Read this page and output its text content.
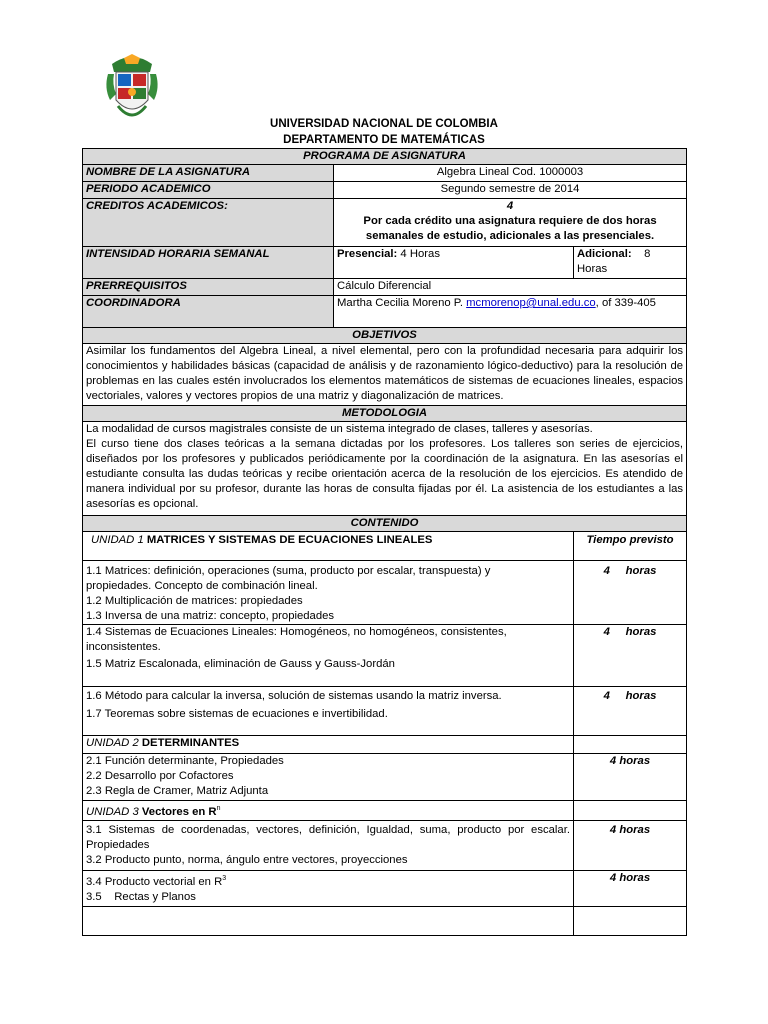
UNIVERSIDAD NACIONAL DE COLOMBIA
DEPARTAMENTO DE MATEMÁTICAS
PROGRAMA DE ASIGNATURA		
NOMBRE DE LA ASIGNATURA	Algebra Lineal Cod. 1000003	
PERIODO ACADEMICO	Segundo semestre de 2014	
CREDITOS ACADEMICOS:	4
Por cada crédito una asignatura requiere de dos horas semanales de estudio, adicionales a las presenciales.	

INTENSIDAD HORARIA SEMANAL	Presencial: 4 Horas	Adicional: 8
Horas
PRERREQUISITOS	Cálculo Diferencial	
COORDINADORA	Martha Cecilia Moreno P. mcmorenop@unal.edu.co, of 339-405	
OBJETIVOS		
Asimilar los fundamentos del Algebra Lineal, a nivel elemental, pero con la profundidad necesaria para adquirir los conocimientos y habilidades básicas (capacidad de análisis y de razonamiento lógico-deductivo) para la resolución de problemas en las cuales estén involucrados los elementos matemáticos de sistemas de ecuaciones lineales, espacios vectoriales, valores y vectores propios de una matriz y diagonalización de matrices.		
METODOLOGIA		

La modalidad de cursos magistrales consiste de un sistema integrado de clases, talleres y asesorías.
El curso tiene dos clases teóricas a la semana dictadas por los profesores. Los talleres son series de ejercicios, diseñados por los profesores y publicados periódicamente por la coordinación de la asignatura. En las asesorías el estudiante consulta las dudas teóricas y recibe orientación acerca de la resolución de los ejercicios. Es atendido de manera individual por su profesor, durante las horas de consulta fijadas por él. La asistencia de los estudiantes a las asesorías es opcional.		

CONTENIDO		
UNIDAD 1 MATRICES Y SISTEMAS DE ECUACIONES LINEALES		Tiempo previsto

1.1 Matrices: definición, operaciones (suma, producto por escalar, transpuesta) y
propiedades. Concepto de combinación lineal.
1.2 Multiplicación de matrices: propiedades
1.3 Inversa de una matriz: concepto, propiedades		4     horas

1.4 Sistemas de Ecuaciones Lineales: Homogéneos, no homogéneos, consistentes,
inconsistentes.
1.5 Matriz Escalonada, eliminación de Gauss y Gauss-Jordán		4     horas

1.6 Método para calcular la inversa, solución de sistemas usando la matriz inversa.
1.7 Teoremas sobre sistemas de ecuaciones e invertibilidad.		4     horas
UNIDAD 2 DETERMINANTES		

2.1 Función determinante, Propiedades
2.2 Desarrollo por Cofactores
2.3 Regla de Cramer, Matriz Adjunta		4 horas
UNIDAD 3 Vectores en $R^n$	

3.1 Sistemas de coordenadas, vectores, definición, Igualdad, suma, producto por escalar. Propiedades
3.2 Producto punto, norma, ángulo entre vectores, proyecciones		4 horas

3.4 Producto vectorial en $R^3$
3.5    Rectas y Planos		4 horas
